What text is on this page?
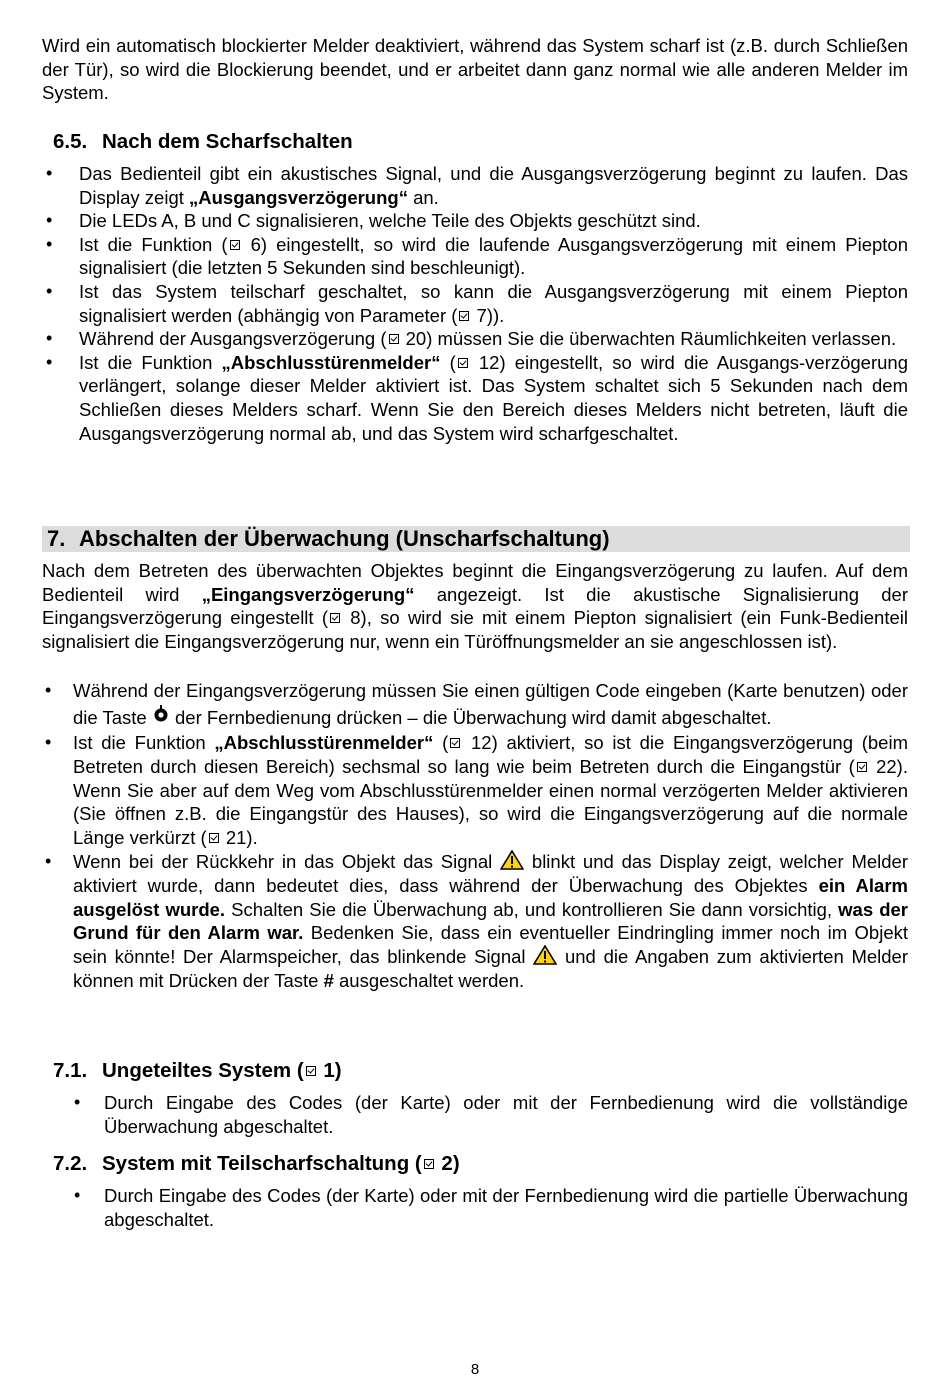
Wird ein automatisch blockierter Melder deaktiviert, während das System scharf ist (z.B. durch Schließen der Tür), so wird die Blockierung beendet, und er arbeitet dann ganz normal wie alle anderen Melder im System.

6.5. Nach dem Scharfschalten
• Das Bedienteil gibt ein akustisches Signal, und die Ausgangsverzögerung beginnt zu laufen. Das Display zeigt „Ausgangsverzögerung“ an.
• Die LEDs A, B und C signalisieren, welche Teile des Objekts geschützt sind.
• Ist die Funktion ( 6) eingestellt, so wird die laufende Ausgangsverzögerung mit einem Piepton signalisiert (die letzten 5 Sekunden sind beschleunigt).
• Ist das System teilscharf geschaltet, so kann die Ausgangsverzögerung mit einem Piepton signalisiert werden (abhängig von Parameter ( 7)).
• Während der Ausgangsverzögerung ( 20) müssen Sie die überwachten Räumlichkeiten verlassen.
• Ist die Funktion „Abschlusstürenmelder“ ( 12) eingestellt, so wird die Ausgangs-verzögerung verlängert, solange dieser Melder aktiviert ist. Das System schaltet sich 5 Sekunden nach dem Schließen dieses Melders scharf. Wenn Sie den Bereich dieses Melders nicht betreten, läuft die Ausgangsverzögerung normal ab, und das System wird scharfgeschaltet.
7. Abschalten der Überwachung (Unscharfschaltung)

Nach dem Betreten des überwachten Objektes beginnt die Eingangsverzögerung zu laufen. Auf dem Bedienteil wird „Eingangsverzögerung“ angezeigt. Ist die akustische Signalisierung der Eingangsverzögerung eingestellt ( 8), so wird sie mit einem Piepton signalisiert (ein Funk-Bedienteil signalisiert die Eingangsverzögerung nur, wenn ein Türöffnungsmelder an sie angeschlossen ist).

• Während der Eingangsverzögerung müssen Sie einen gültigen Code eingeben (Karte benutzen) oder die Taste  der Fernbedienung drücken – die Überwachung wird damit abgeschaltet.
• Ist die Funktion „Abschlusstürenmelder“ ( 12) aktiviert, so ist die Eingangsverzögerung (beim Betreten durch diesen Bereich) sechsmal so lang wie beim Betreten durch die Eingangstür ( 22). Wenn Sie aber auf dem Weg vom Abschlusstürenmelder einen normal verzögerten Melder aktivieren (Sie öffnen z.B. die Eingangstür des Hauses), so wird die Eingangsverzögerung auf die normale Länge verkürzt ( 21).
• Wenn bei der Rückkehr in das Objekt das Signal  blinkt und das Display zeigt, welcher Melder aktiviert wurde, dann bedeutet dies, dass während der Überwachung des Objektes ein Alarm ausgelöst wurde. Schalten Sie die Überwachung ab, und kontrollieren Sie dann vorsichtig, was der Grund für den Alarm war. Bedenken Sie, dass ein eventueller Eindringling immer noch im Objekt sein könnte! Der Alarmspeicher, das blinkende Signal  und die Angaben zum aktivierten Melder können mit Drücken der Taste # ausgeschaltet werden.
7.1. Ungeteiltes System ( 1)
• Durch Eingabe des Codes (der Karte) oder mit der Fernbedienung wird die vollständige Überwachung abgeschaltet.
7.2. System mit Teilscharfschaltung ( 2)
• Durch Eingabe des Codes (der Karte) oder mit der Fernbedienung wird die partielle Überwachung abgeschaltet.
8
